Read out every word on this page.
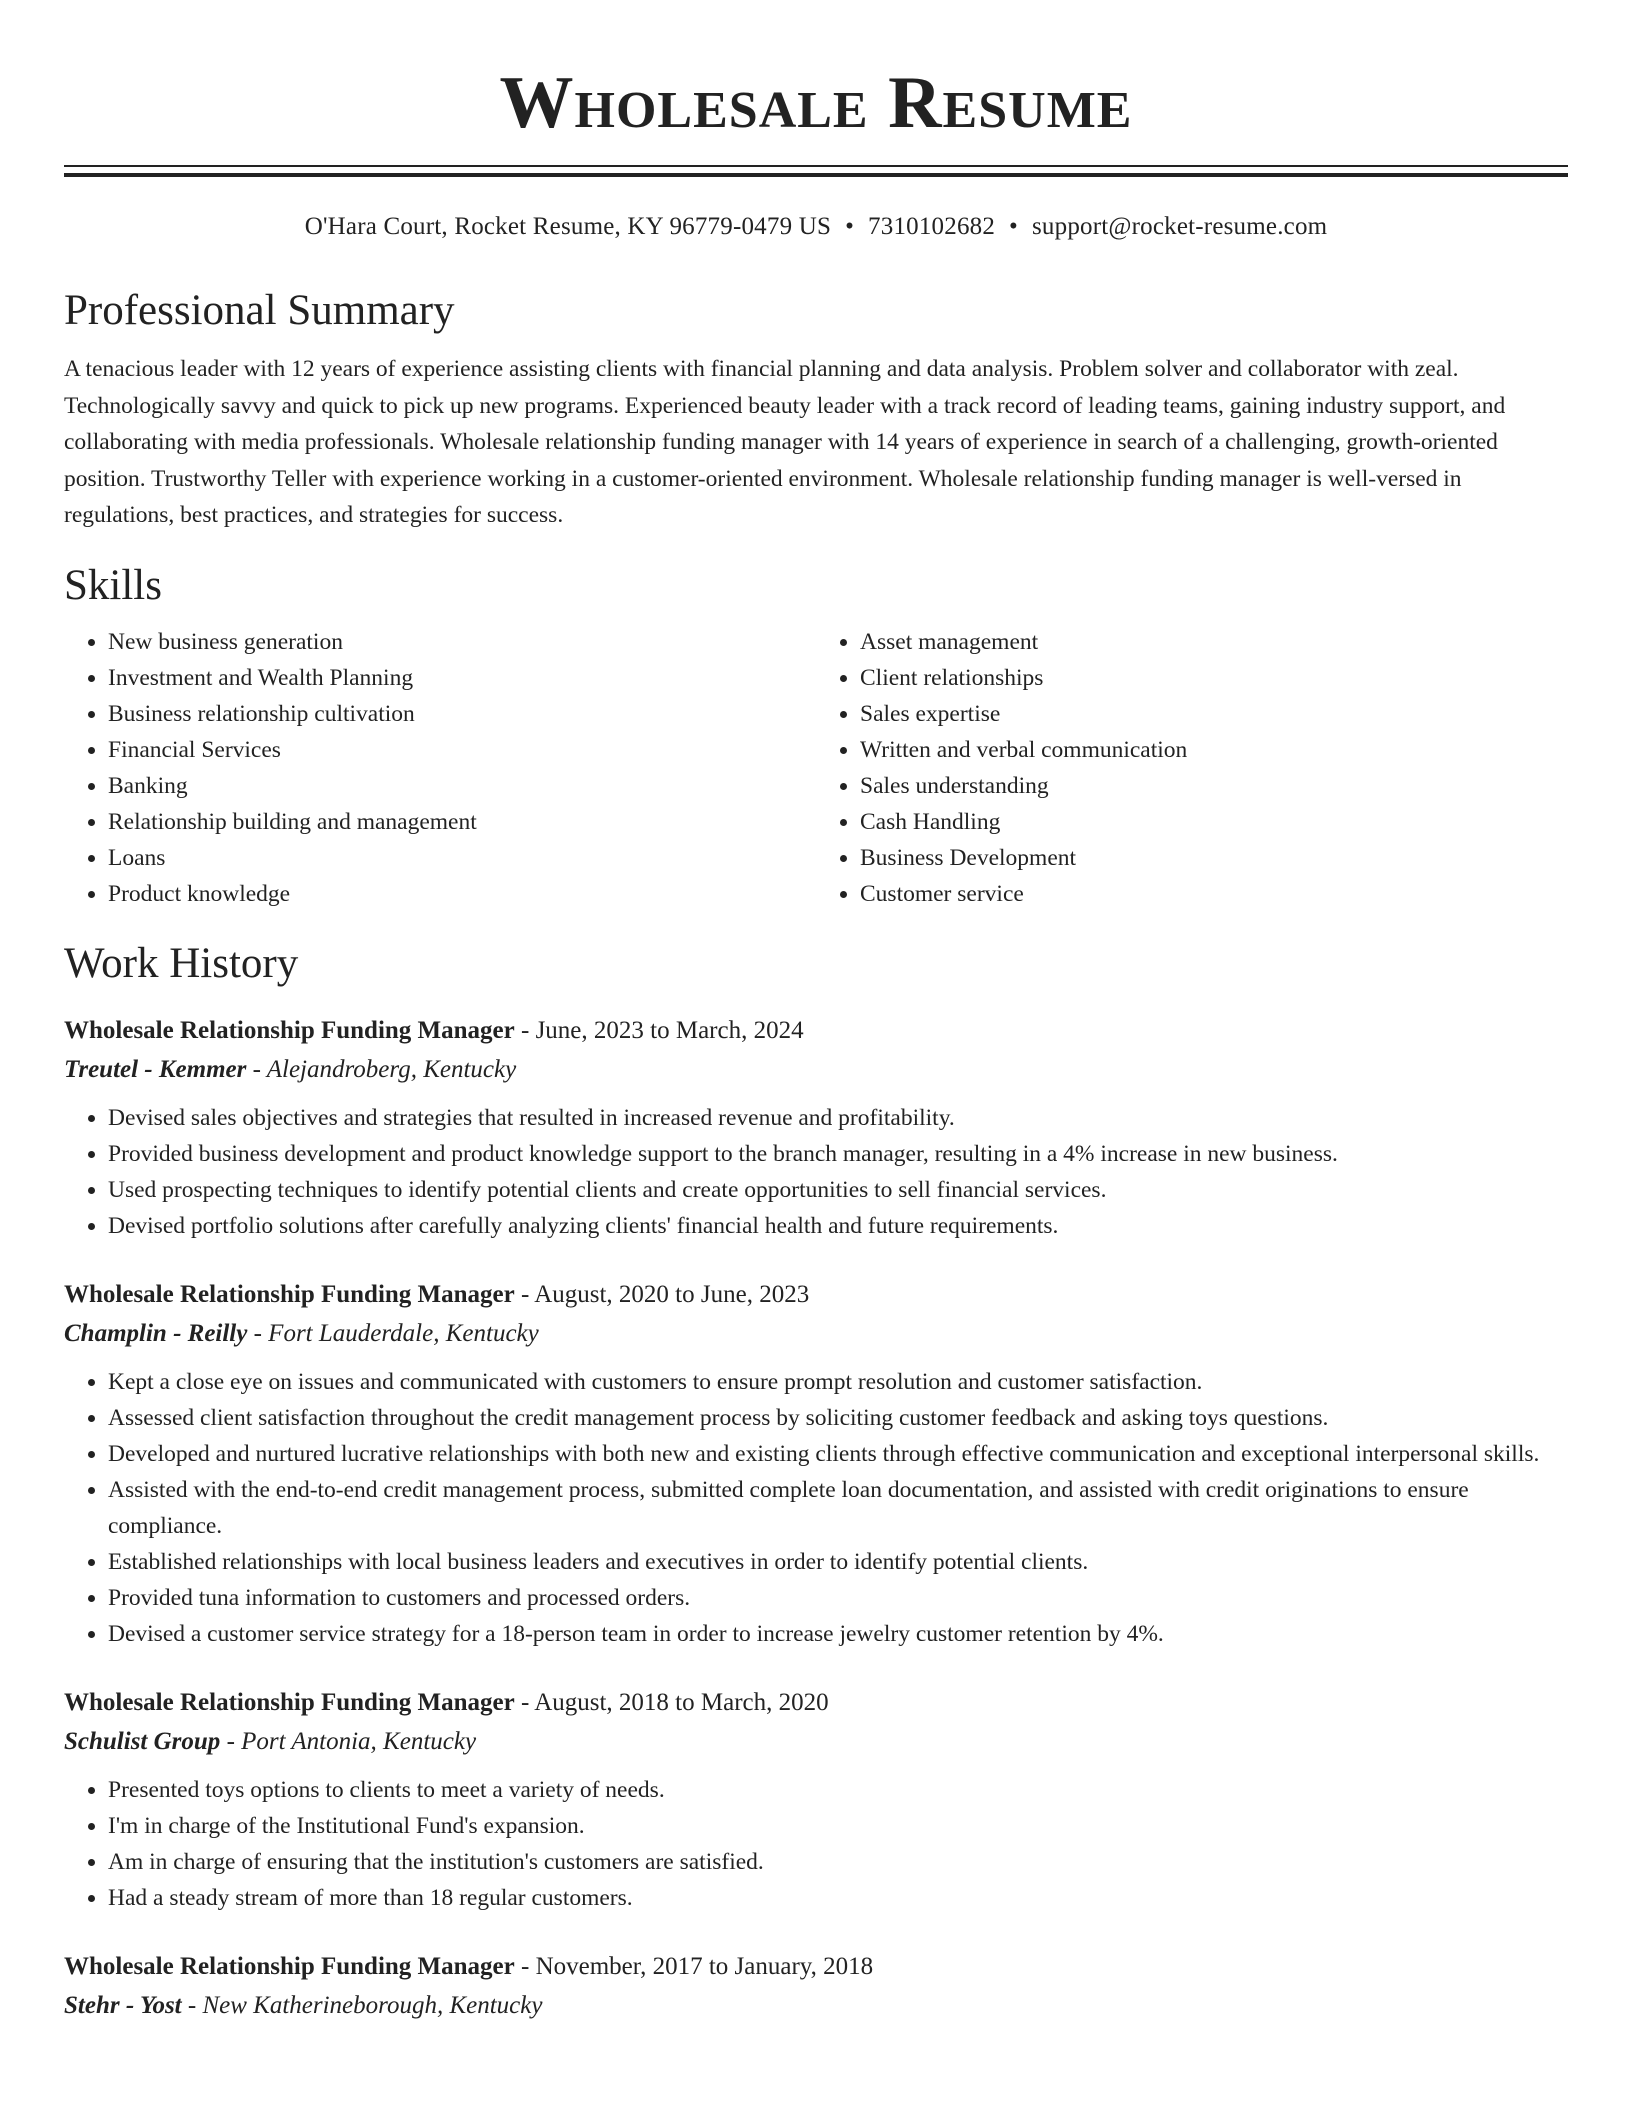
Wholesale Resume
O'Hara Court, Rocket Resume, KY 96779-0479 US • 7310102682 • support@rocket-resume.com
Professional Summary

A tenacious leader with 12 years of experience assisting clients with financial planning and data analysis. Problem solver and collaborator with zeal. Technologically savvy and quick to pick up new programs. Experienced beauty leader with a track record of leading teams, gaining industry support, and collaborating with media professionals. Wholesale relationship funding manager with 14 years of experience in search of a challenging, growth-oriented position. Trustworthy Teller with experience working in a customer-oriented environment. Wholesale relationship funding manager is well-versed in regulations, best practices, and strategies for success.

Skills
• New business generation
• Investment and Wealth Planning
• Business relationship cultivation
• Financial Services
• Banking
• Relationship building and management
• Loans
• Product knowledge
• Asset management
• Client relationships
• Sales expertise
• Written and verbal communication
• Sales understanding
• Cash Handling
• Business Development
• Customer service
Work History
Wholesale Relationship Funding Manager - June, 2023 to March, 2024
Treutel - Kemmer - Alejandroberg, Kentucky
• Devised sales objectives and strategies that resulted in increased revenue and profitability.
• Provided business development and product knowledge support to the branch manager, resulting in a 4% increase in new business.
• Used prospecting techniques to identify potential clients and create opportunities to sell financial services.
• Devised portfolio solutions after carefully analyzing clients' financial health and future requirements.
Wholesale Relationship Funding Manager - August, 2020 to June, 2023
Champlin - Reilly - Fort Lauderdale, Kentucky
• Kept a close eye on issues and communicated with customers to ensure prompt resolution and customer satisfaction.
• Assessed client satisfaction throughout the credit management process by soliciting customer feedback and asking toys questions.
• Developed and nurtured lucrative relationships with both new and existing clients through effective communication and exceptional interpersonal skills.
• Assisted with the end-to-end credit management process, submitted complete loan documentation, and assisted with credit originations to ensure compliance.
• Established relationships with local business leaders and executives in order to identify potential clients.
• Provided tuna information to customers and processed orders.
• Devised a customer service strategy for a 18-person team in order to increase jewelry customer retention by 4%.
Wholesale Relationship Funding Manager - August, 2018 to March, 2020
Schulist Group - Port Antonia, Kentucky
• Presented toys options to clients to meet a variety of needs.
• I'm in charge of the Institutional Fund's expansion.
• Am in charge of ensuring that the institution's customers are satisfied.
• Had a steady stream of more than 18 regular customers.
Wholesale Relationship Funding Manager - November, 2017 to January, 2018
Stehr - Yost - New Katherineborough, Kentucky
